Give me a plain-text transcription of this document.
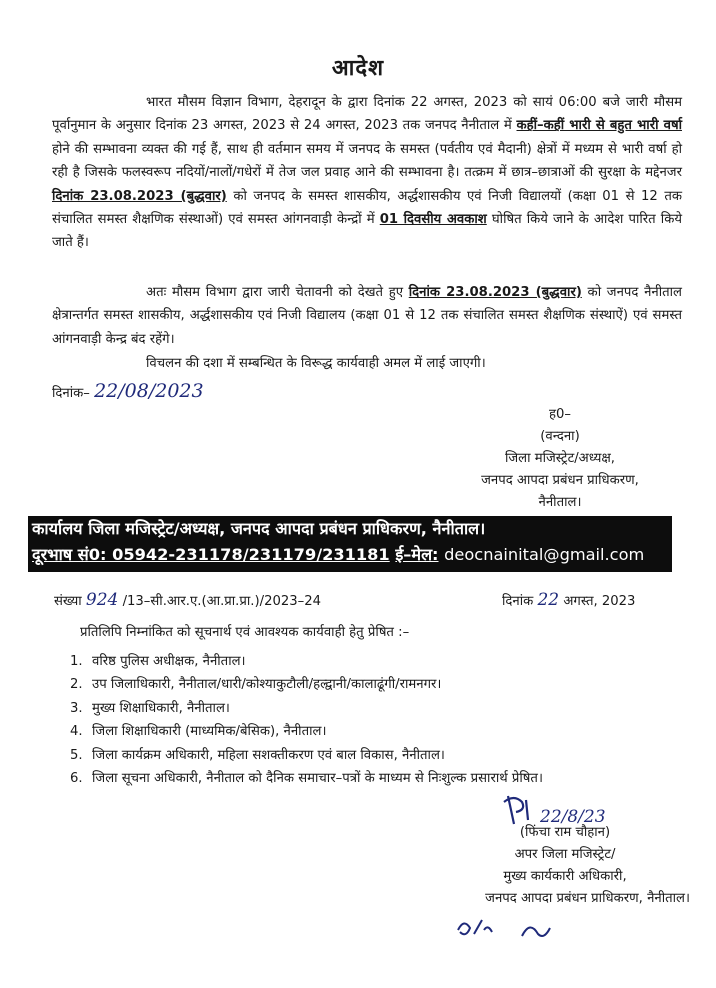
आदेश

भारत मौसम विज्ञान विभाग, देहरादून के द्वारा दिनांक 22 अगस्त, 2023 को सायं 06:00 बजे जारी मौसम पूर्वानुमान के अनुसार दिनांक 23 अगस्त, 2023 से 24 अगस्त, 2023 तक जनपद नैनीताल में कहीं–कहीं भारी से बहुत भारी वर्षा होने की सम्भावना व्यक्त की गई हैं, साथ ही वर्तमान समय में जनपद के समस्त (पर्वतीय एवं मैदानी) क्षेत्रों में मध्यम से भारी वर्षा हो रही है जिसके फलस्वरूप नदियों/नालों/गधेरों में तेज जल प्रवाह आने की सम्भावना है। तत्क्रम में छात्र–छात्राओं की सुरक्षा के मद्देनजर दिनांक 23.08.2023 (बुद्धवार) को जनपद के समस्त शासकीय, अर्द्धशासकीय एवं निजी विद्यालयों (कक्षा 01 से 12 तक संचालित समस्त शैक्षणिक संस्थाओं) एवं समस्त आंगनवाड़ी केन्द्रों में 01 दिवसीय अवकाश घोषित किये जाने के आदेश पारित किये जाते हैं।

अतः मौसम विभाग द्वारा जारी चेतावनी को देखते हुए दिनांक 23.08.2023 (बुद्धवार) को जनपद नैनीताल क्षेत्रान्तर्गत समस्त शासकीय, अर्द्धशासकीय एवं निजी विद्यालय (कक्षा 01 से 12 तक संचालित समस्त शैक्षणिक संस्थाऐं) एवं समस्त आंगनवाड़ी केन्द्र बंद रहेंगे।

विचलन की दशा में सम्बन्धित के विरूद्ध कार्यवाही अमल में लाई जाएगी।

दिनांक– 22/08/2023
ह0–
(वन्दना)
जिला मजिस्ट्रेट/अध्यक्ष,
जनपद आपदा प्रबंधन प्राधिकरण,
नैनीताल।
कार्यालय जिला मजिस्ट्रेट/अध्यक्ष, जनपद आपदा प्रबंधन प्राधिकरण, नैनीताल।
दूरभाष सं0: 05942-231178/231179/231181 ई–मेल: deocnainital@gmail.com
संख्या 924 /13–सी.आर.ए.(आ.प्रा.प्रा.)/2023–24	दिनांक 22 अगस्त, 2023
प्रतिलिपि निम्नांकित को सूचनार्थ एवं आवश्यक कार्यवाही हेतु प्रेषित :–
1. वरिष्ठ पुलिस अधीक्षक, नैनीताल।
2. उप जिलाधिकारी, नैनीताल/धारी/कोश्याकुटौली/हल्द्वानी/कालाढूंगी/रामनगर।
3. मुख्य शिक्षाधिकारी, नैनीताल।
4. जिला शिक्षाधिकारी (माध्यमिक/बेसिक), नैनीताल।
5. जिला कार्यक्रम अधिकारी, महिला सशक्तीकरण एवं बाल विकास, नैनीताल।
6. जिला सूचना अधिकारी, नैनीताल को दैनिक समाचार–पत्रों के माध्यम से निःशुल्क प्रसारार्थ प्रेषित।
22/8/23
(फिंचा राम चौहान)
अपर जिला मजिस्ट्रेट/
मुख्य कार्यकारी अधिकारी,
जनपद आपदा प्रबंधन प्राधिकरण, नैनीताल।
